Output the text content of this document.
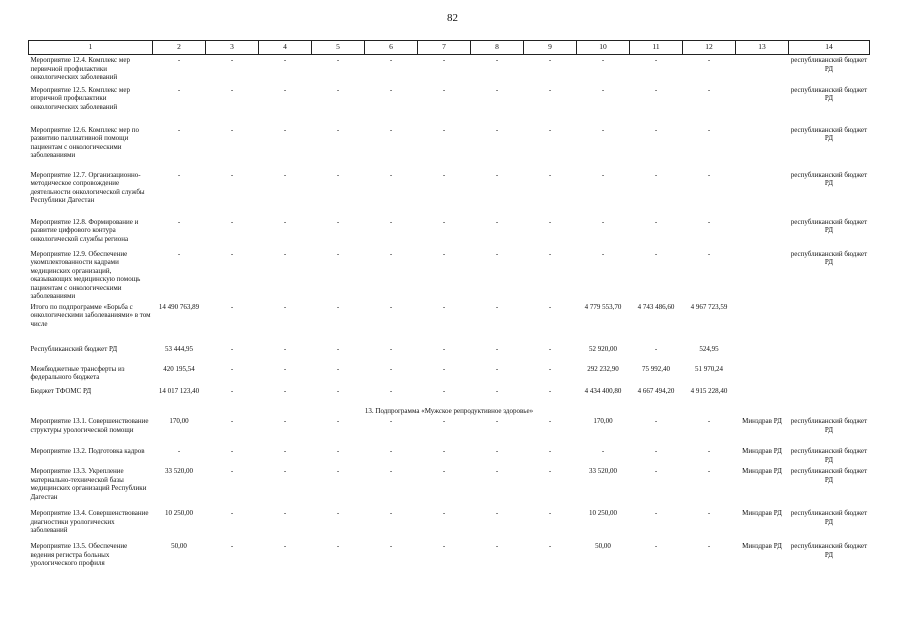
82
1	2	3	4	5	6	7	8	9	10	11	12	13	14
Мероприятие 12.4. Комплекс мер первичной профилактики онкологических заболеваний	-	-	-	-	-	-	-	-	-	-	-		республиканский бюджет РД
Мероприятие 12.5. Комплекс мер вторичной профилактики онкологических заболеваний	-	-	-	-	-	-	-	-	-	-	-		республиканский бюджет РД
Мероприятие 12.6. Комплекс мер по развитию паллиативной помощи пациентам с онкологическими заболеваниями	-	-	-	-	-	-	-	-	-	-	-		республиканский бюджет РД
Мероприятие 12.7. Организационно-методическое сопровождение деятельности онкологической службы Республики Дагестан	-	-	-	-	-	-	-	-	-	-	-		республиканский бюджет РД
Мероприятие 12.8. Формирование и развитие цифрового контура онкологической службы региона	-	-	-	-	-	-	-	-	-	-	-		республиканский бюджет РД
Мероприятие 12.9. Обеспечение укомплектованности кадрами медицинских организаций, оказывающих медицинскую помощь пациентам с онкологическими заболеваниями	-	-	-	-	-	-	-	-	-	-	-		республиканский бюджет РД
Итого по подпрограмме «Борьба с онкологическими заболеваниями» в том числе	14 490 763,89	-	-	-	-	-	-	-	4 779 553,70	4 743 486,60	4 967 723,59		
Республиканский бюджет РД	53 444,95	-	-	-	-	-	-	-	52 920,00	-	524,95		
Межбюджетные трансферты из федерального бюджета	420 195,54	-	-	-	-	-	-	-	292 232,90	75 992,40	51 970,24		
Бюджет ТФОМС РД	14 017 123,40	-	-	-	-	-	-	-	4 434 400,80	4 667 494,20	4 915 228,40		
13. Подпрограмма «Мужское репродуктивное здоровье»													
Мероприятие 13.1. Совершенствование структуры урологической помощи	170,00	-	-	-	-	-	-	-	170,00	-	-	Минздрав РД	республиканский бюджет РД
Мероприятие 13.2. Подготовка кадров	-	-	-	-	-	-	-	-	-	-	-	Минздрав РД	республиканский бюджет РД
Мероприятие 13.3. Укрепление материально-технической базы медицинских организаций Республики Дагестан	33 520,00	-	-	-	-	-	-	-	33 520,00	-	-	Минздрав РД	республиканский бюджет РД
Мероприятие 13.4. Совершенствование диагностики урологических заболеваний	10 250,00	-	-	-	-	-	-	-	10 250,00	-	-	Минздрав РД	республиканский бюджет РД
Мероприятие 13.5. Обеспечение ведения регистра больных урологического профиля	50,00	-	-	-	-	-	-	-	50,00	-	-	Минздрав РД	республиканский бюджет РД
